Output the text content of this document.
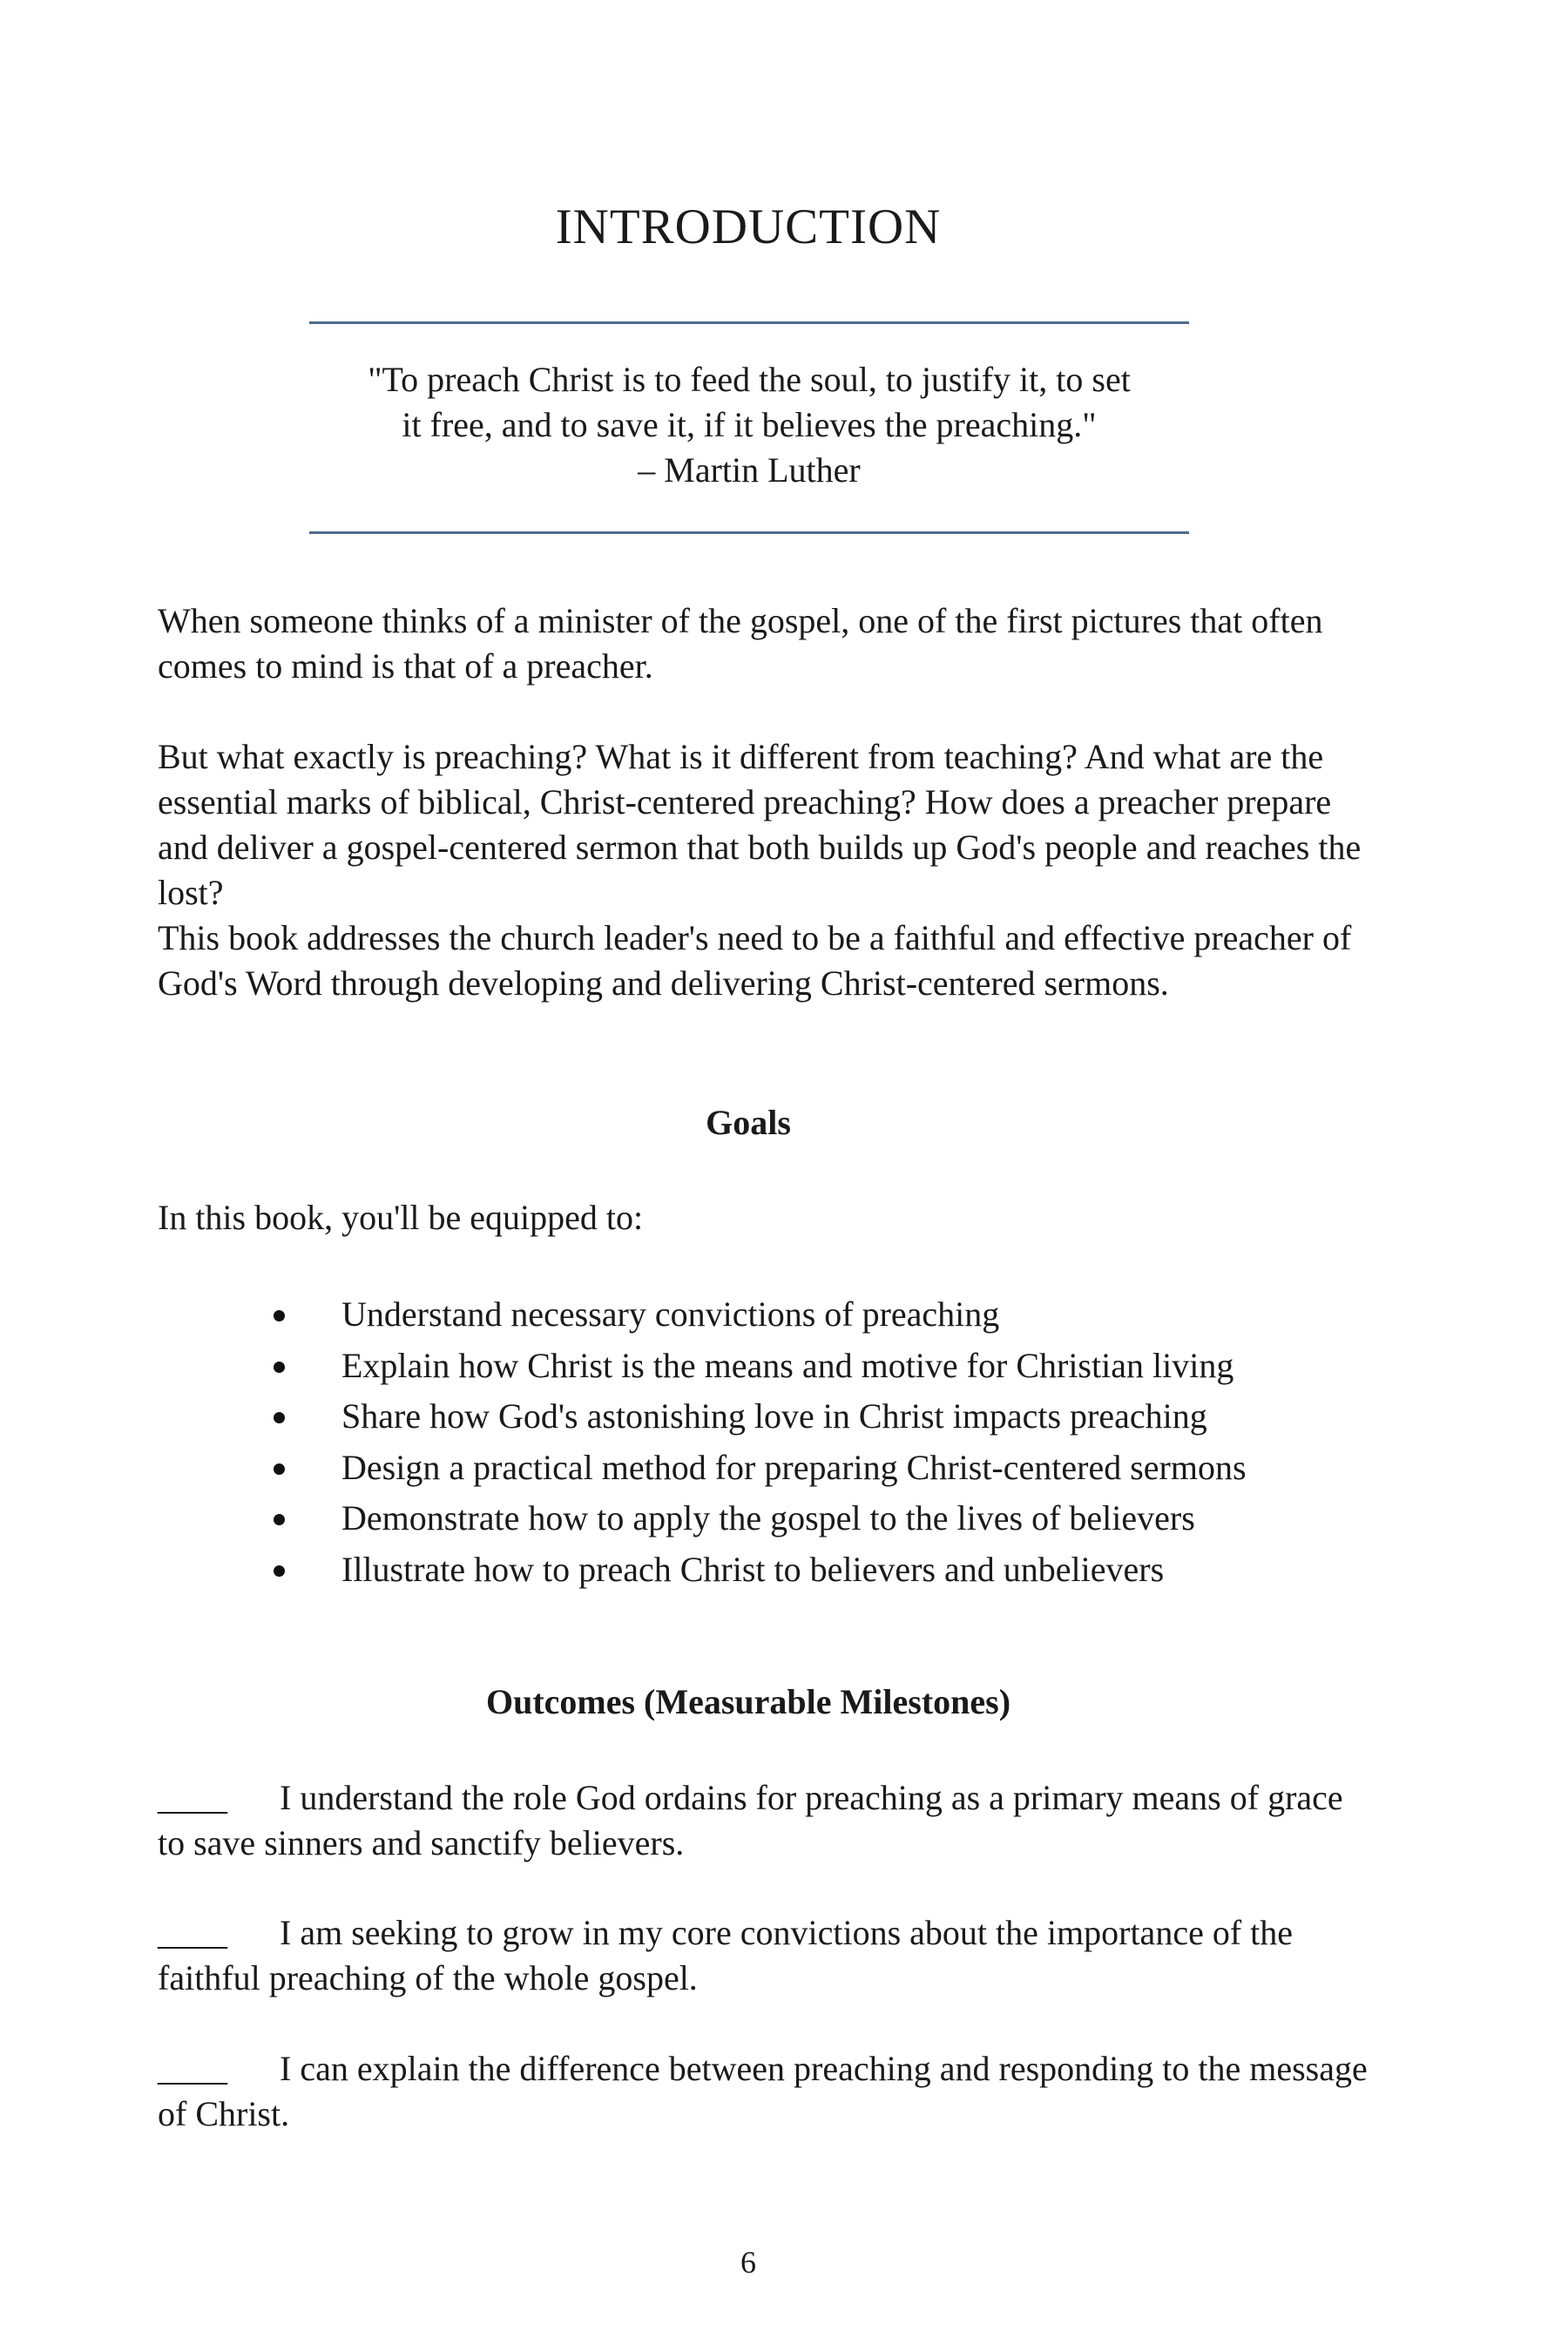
INTRODUCTION

"To preach Christ is to feed the soul, to justify it, to set
it free, and to save it, if it believes the preaching."
– Martin Luther

When someone thinks of a minister of the gospel, one of the first pictures that often comes to mind is that of a preacher.

But what exactly is preaching? What is it different from teaching? And what are the essential marks of biblical, Christ-centered preaching? How does a preacher prepare and deliver a gospel-centered sermon that both builds up God's people and reaches the lost?

This book addresses the church leader's need to be a faithful and effective preacher of God's Word through developing and delivering Christ-centered sermons.

Goals

In this book, you'll be equipped to:

Understand necessary convictions of preaching
Explain how Christ is the means and motive for Christian living
Share how God's astonishing love in Christ impacts preaching
Design a practical method for preparing Christ-centered sermons
Demonstrate how to apply the gospel to the lives of believers
Illustrate how to preach Christ to believers and unbelievers
Outcomes (Measurable Milestones)

____ I understand the role God ordains for preaching as a primary means of grace to save sinners and sanctify believers.

____ I am seeking to grow in my core convictions about the importance of the faithful preaching of the whole gospel.

____ I can explain the difference between preaching and responding to the message of Christ.

6
